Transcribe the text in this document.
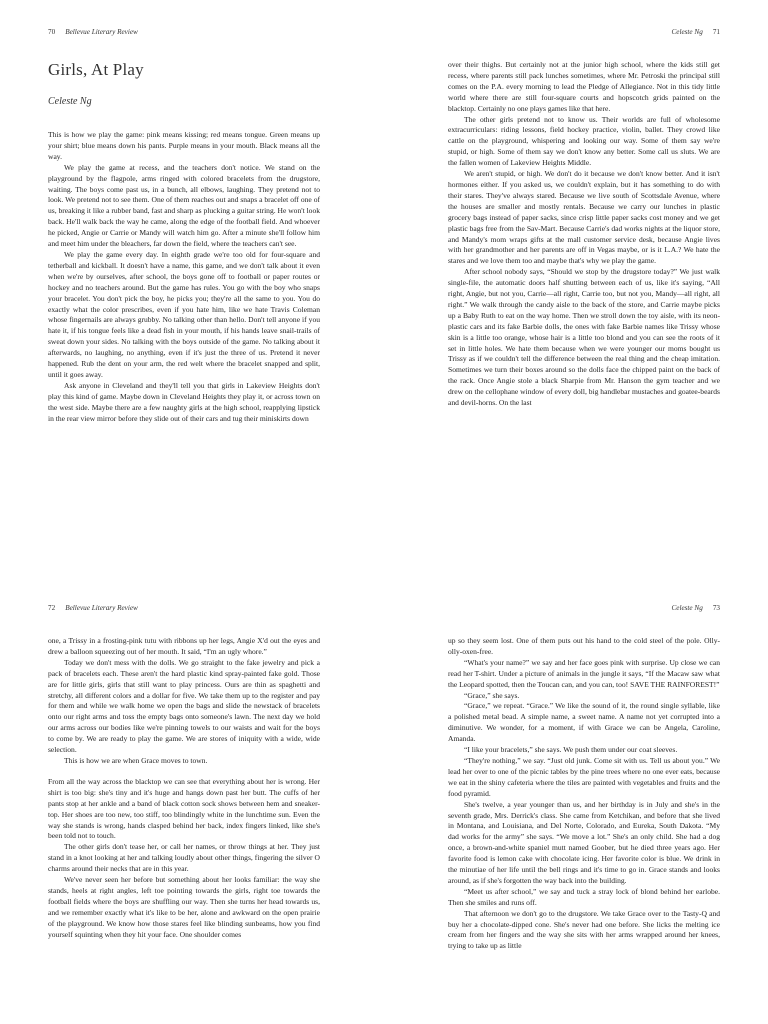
70 Bellevue Literary Review
Girls, At Play
Celeste Ng

This is how we play the game: pink means kissing; red means tongue. Green means up your shirt; blue means down his pants. Purple means in your mouth. Black means all the way.

We play the game at recess, and the teachers don't notice. We stand on the playground by the flagpole, arms ringed with colored bracelets from the drugstore, waiting. The boys come past us, in a bunch, all elbows, laughing. They pretend not to look. We pretend not to see them. One of them reaches out and snaps a bracelet off one of us, breaking it like a rubber band, fast and sharp as plucking a guitar string. He won't look back. He'll walk back the way he came, along the edge of the football field. And whoever he picked, Angie or Carrie or Mandy will watch him go. After a minute she'll follow him and meet him under the bleachers, far down the field, where the teachers can't see.

We play the game every day. In eighth grade we're too old for four-square and tetherball and kickball. It doesn't have a name, this game, and we don't talk about it even when we're by ourselves, after school, the boys gone off to football or paper routes or hockey and no teachers around. But the game has rules. You go with the boy who snaps your bracelet. You don't pick the boy, he picks you; they're all the same to you. You do exactly what the color prescribes, even if you hate him, like we hate Travis Coleman whose fingernails are always grubby. No talking other than hello. Don't tell anyone if you hate it, if his tongue feels like a dead fish in your mouth, if his hands leave snail-trails of sweat down your sides. No talking with the boys outside of the game. No talking about it afterwards, no laughing, no anything, even if it's just the three of us. Pretend it never happened. Rub the dent on your arm, the red welt where the bracelet snapped and split, until it goes away.

Ask anyone in Cleveland and they'll tell you that girls in Lakeview Heights don't play this kind of game. Maybe down in Cleveland Heights they play it, or across town on the west side. Maybe there are a few naughty girls at the high school, reapplying lipstick in the rear view mirror before they slide out of their cars and tug their miniskirts down

Celeste Ng 71

over their thighs. But certainly not at the junior high school, where the kids still get recess, where parents still pack lunches sometimes, where Mr. Petroski the principal still comes on the P.A. every morning to lead the Pledge of Allegiance. Not in this tidy little world where there are still four-square courts and hopscotch grids painted on the blacktop. Certainly no one plays games like that here.

The other girls pretend not to know us. Their worlds are full of wholesome extracurriculars: riding lessons, field hockey practice, violin, ballet. They crowd like cattle on the playground, whispering and looking our way. Some of them say we're stupid, or high. Some of them say we don't know any better. Some call us sluts. We are the fallen women of Lakeview Heights Middle.

We aren't stupid, or high. We don't do it because we don't know better. And it isn't hormones either. If you asked us, we couldn't explain, but it has something to do with their stares. They've always stared. Because we live south of Scottsdale Avenue, where the houses are smaller and mostly rentals. Because we carry our lunches in plastic grocery bags instead of paper sacks, since crisp little paper sacks cost money and we get plastic bags free from the Sav-Mart. Because Carrie's dad works nights at the liquor store, and Mandy's mom wraps gifts at the mall customer service desk, because Angie lives with her grandmother and her parents are off in Vegas maybe, or is it L.A.? We hate the stares and we love them too and maybe that's why we play the game.

After school nobody says, “Should we stop by the drugstore today?” We just walk single-file, the automatic doors half shutting between each of us, like it's saying, “All right, Angie, but not you, Carrie—all right, Carrie too, but not you, Mandy—all right, all right.” We walk through the candy aisle to the back of the store, and Carrie maybe picks up a Baby Ruth to eat on the way home. Then we stroll down the toy aisle, with its neon-plastic cars and its fake Barbie dolls, the ones with fake Barbie names like Trissy whose skin is a little too orange, whose hair is a little too blond and you can see the roots of it set in little holes. We hate them because when we were younger our moms bought us Trissy as if we couldn't tell the difference between the real thing and the cheap imitation. Sometimes we turn their boxes around so the dolls face the chipped paint on the back of the rack. Once Angie stole a black Sharpie from Mr. Hanson the gym teacher and we drew on the cellophane window of every doll, big handlebar mustaches and goatee-beards and devil-horns. On the last

72 Bellevue Literary Review

one, a Trissy in a frosting-pink tutu with ribbons up her legs, Angie X'd out the eyes and drew a balloon squeezing out of her mouth. It said, “I'm an ugly whore.”

Today we don't mess with the dolls. We go straight to the fake jewelry and pick a pack of bracelets each. These aren't the hard plastic kind spray-painted fake gold. Those are for little girls, girls that still want to play princess. Ours are thin as spaghetti and stretchy, all different colors and a dollar for five. We take them up to the register and pay for them and while we walk home we open the bags and slide the newstack of bracelets onto our right arms and toss the empty bags onto someone's lawn. The next day we hold our arms across our bodies like we're pinning towels to our waists and wait for the boys to come by. We are ready to play the game. We are stores of iniquity with a wide, wide selection.

This is how we are when Grace moves to town.

From all the way across the blacktop we can see that everything about her is wrong. Her shirt is too big: she's tiny and it's huge and hangs down past her butt. The cuffs of her pants stop at her ankle and a band of black cotton sock shows between hem and sneaker-top. Her shoes are too new, too stiff, too blindingly white in the lunchtime sun. Even the way she stands is wrong, hands clasped behind her back, index fingers linked, like she's been told not to touch.

The other girls don't tease her, or call her names, or throw things at her. They just stand in a knot looking at her and talking loudly about other things, fingering the silver O charms around their necks that are in this year.

We've never seen her before but something about her looks familiar: the way she stands, heels at right angles, left toe pointing towards the girls, right toe towards the football fields where the boys are shuffling our way. Then she turns her head towards us, and we remember exactly what it's like to be her, alone and awkward on the open prairie of the playground. We know how those stares feel like blinding sunbeams, how you find yourself squinting when they hit your face. One shoulder comes

Celeste Ng 73

up so they seem lost. One of them puts out his hand to the cold steel of the pole. Olly-olly-oxen-free.

“What's your name?” we say and her face goes pink with surprise. Up close we can read her T-shirt. Under a picture of animals in the jungle it says, “If the Macaw saw what the Leopard spotted, then the Toucan can, and you can, too! SAVE THE RAINFOREST!”

“Grace,” she says.

“Grace,” we repeat. “Grace.” We like the sound of it, the round single syllable, like a polished metal bead. A simple name, a sweet name. A name not yet corrupted into a diminutive. We wonder, for a moment, if with Grace we can be Angela, Caroline, Amanda.

“I like your bracelets,” she says. We push them under our coat sleeves.

“They're nothing,” we say. “Just old junk. Come sit with us. Tell us about you.” We lead her over to one of the picnic tables by the pine trees where no one ever eats, because we eat in the shiny cafeteria where the tiles are painted with vegetables and fruits and the food pyramid.

She's twelve, a year younger than us, and her birthday is in July and she's in the seventh grade, Mrs. Derrick's class. She came from Ketchikan, and before that she lived in Montana, and Louisiana, and Del Norte, Colorado, and Eureka, South Dakota. “My dad works for the army” she says. “We move a lot.” She's an only child. She had a dog once, a brown-and-white spaniel mutt named Goober, but he died three years ago. Her favorite food is lemon cake with chocolate icing. Her favorite color is blue. We drink in the minutiae of her life until the bell rings and it's time to go in. Grace stands and looks around, as if she's forgotten the way back into the building.

“Meet us after school,” we say and tuck a stray lock of blond behind her earlobe. Then she smiles and runs off.

That afternoon we don't go to the drugstore. We take Grace over to the Tasty-Q and buy her a chocolate-dipped cone. She's never had one before. She licks the melting ice cream from her fingers and the way she sits with her arms wrapped around her knees, trying to take up as little
